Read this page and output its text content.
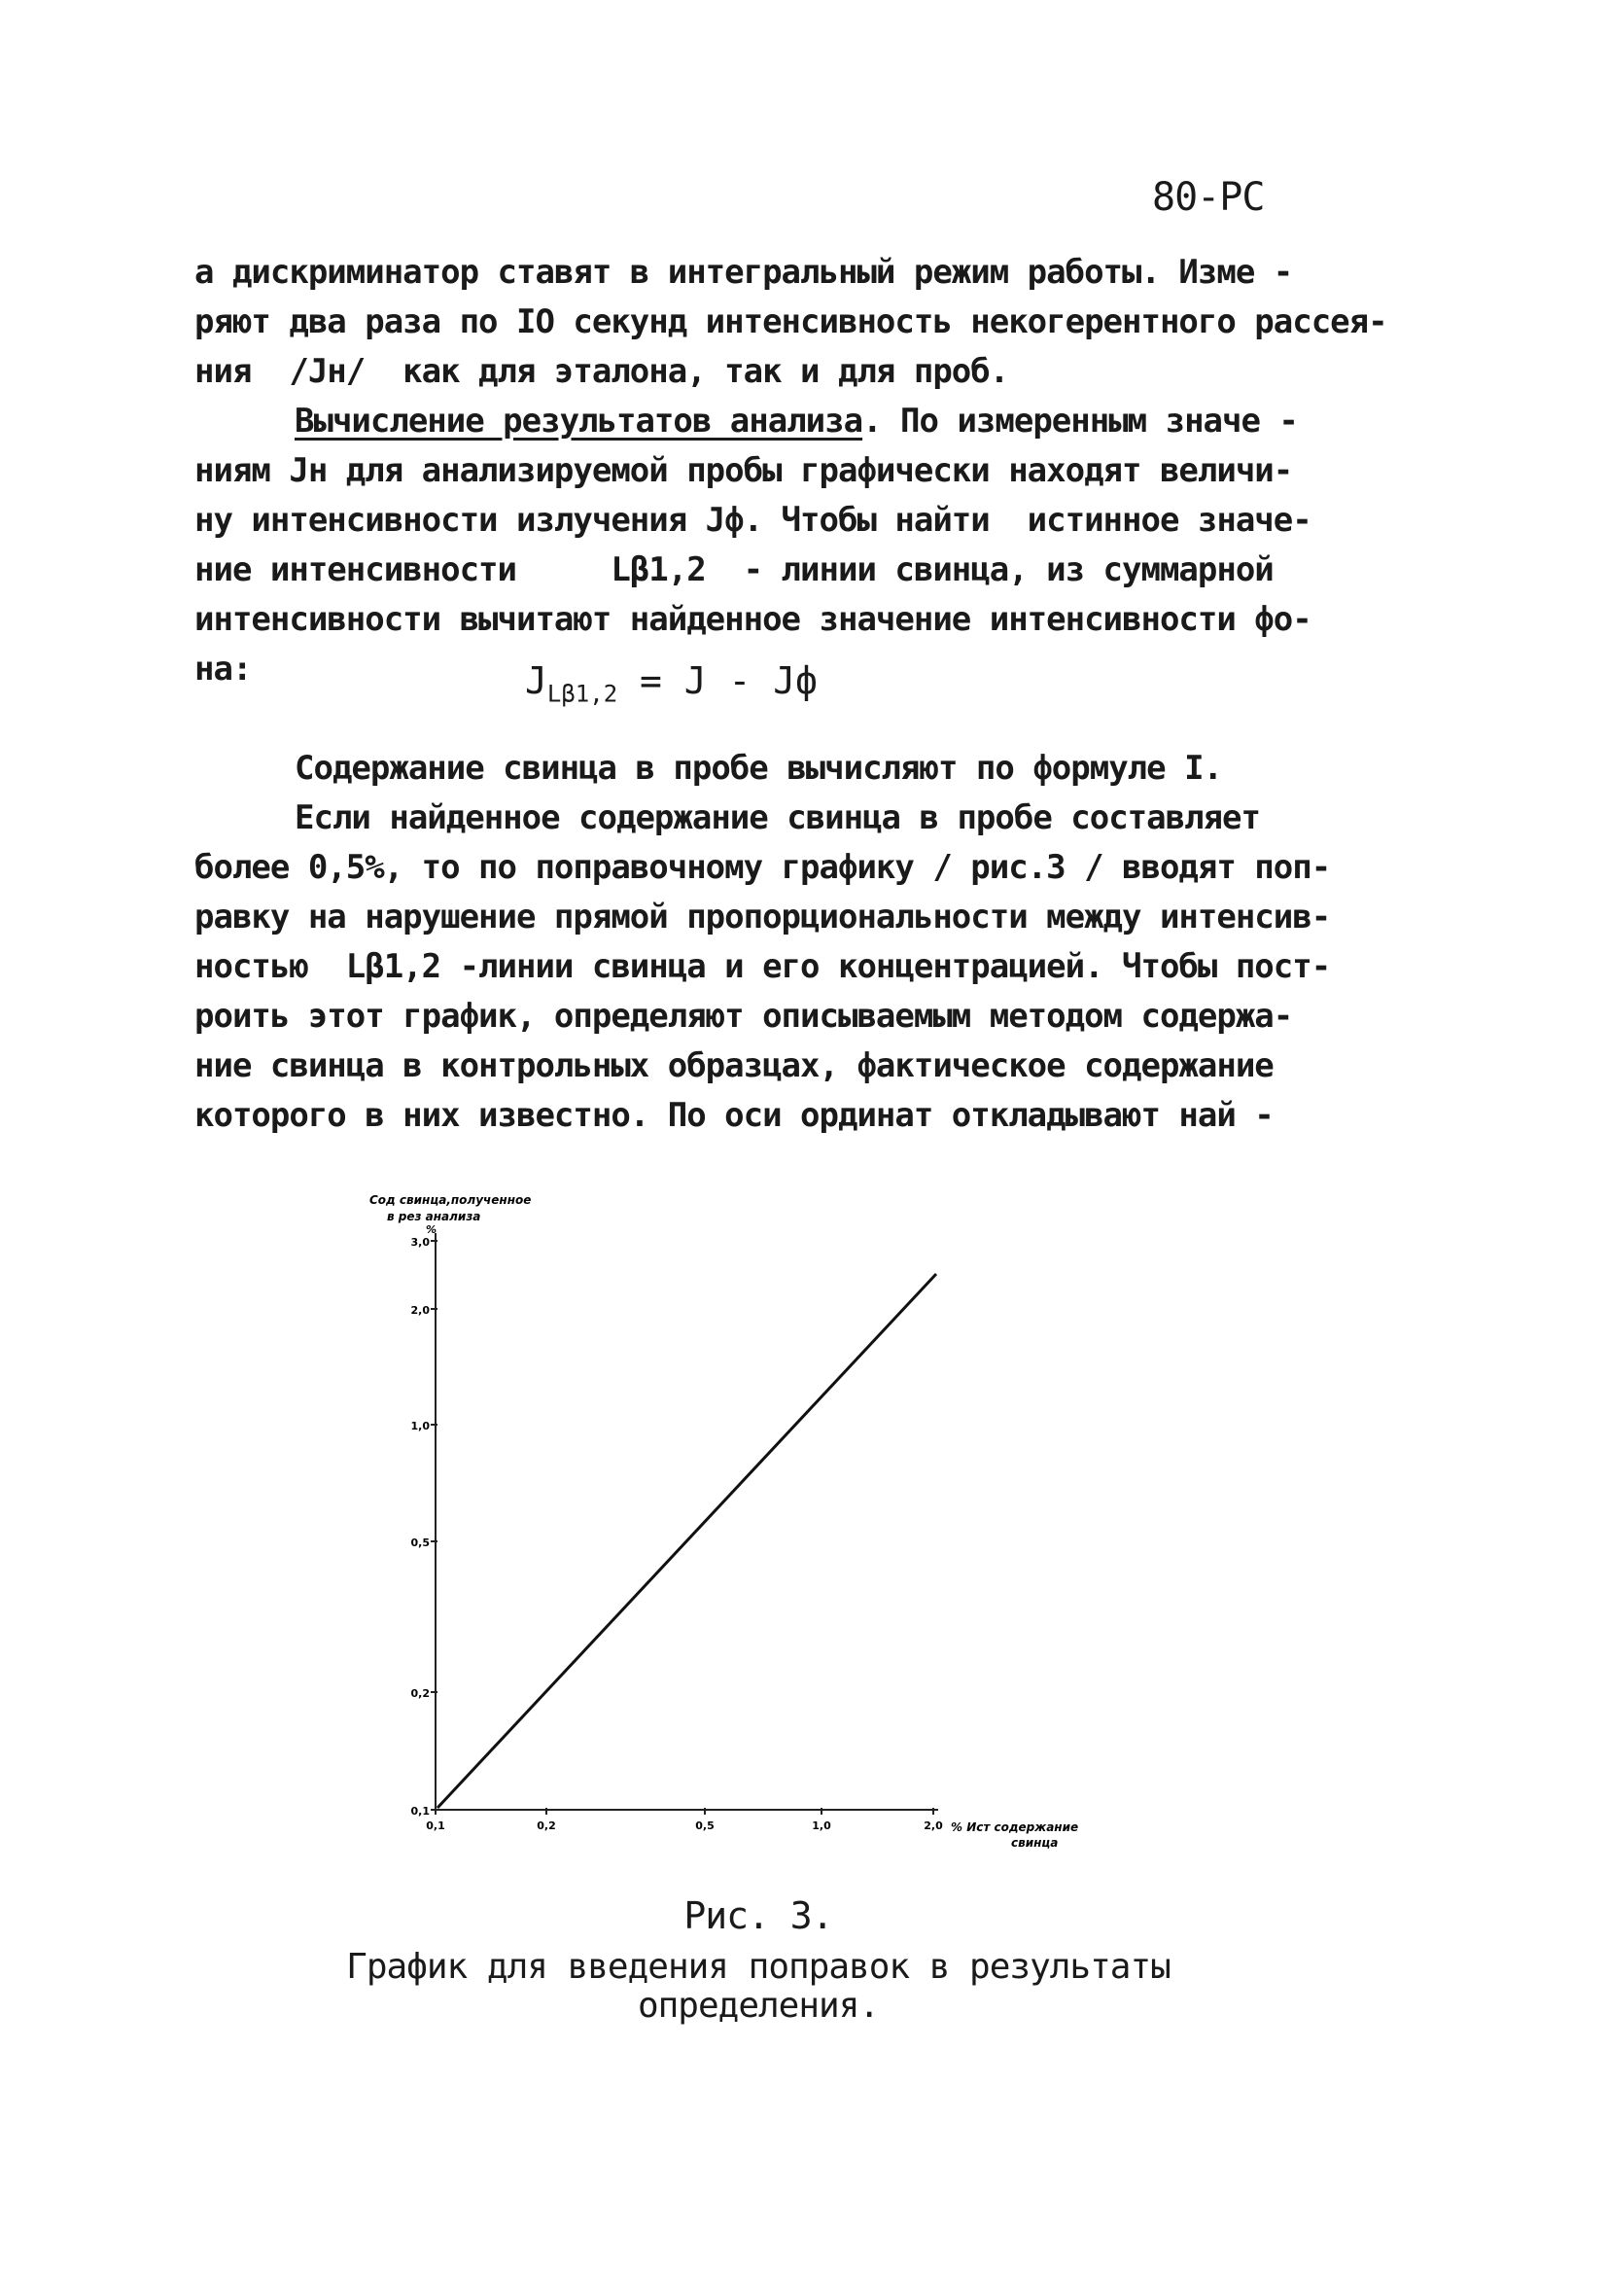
80-РС
а дискриминатор ставят в интегральный режим работы. Изме -
ряют два раза по IO секунд интенсивность некогерентного рассея-
ния  /Jн/  как для эталона, так и для проб.
Вычисление результатов анализа. По измеренным значе -
ниям Jн для анализируемой пробы графически находят величи-
ну интенсивности излучения Jф. Чтобы найти  истинное значе-
ние интенсивности     Lβ1,2  - линии свинца, из суммарной
интенсивности вычитают найденное значение интенсивности фо-
на:

Содержание свинца в пробе вычисляют по формуле I.
Если найденное содержание свинца в пробе составляет
более 0,5%, то по поправочному графику / рис.3 / вводят поп-
равку на нарушение прямой пропорциональности между интенсив-
ностью  Lβ1,2 -линии свинца и его концентрацией. Чтобы пост-
роить этот график, определяют описываемым методом содержа-
ние свинца в контрольных образцах, фактическое содержание
которого в них известно. По оси ординат откладывают най -
$J_{L\beta 1,2} = J$ - Jф
0,1
0,2
0,5
1,0
2,0
3,0
0,1	0,2	0,5	1,0	2,0
Сод свинца,полученное
в рез анализа
%
% Ист содержание
свинца
Рис. 3.
График для введения поправок в результаты
определения.
